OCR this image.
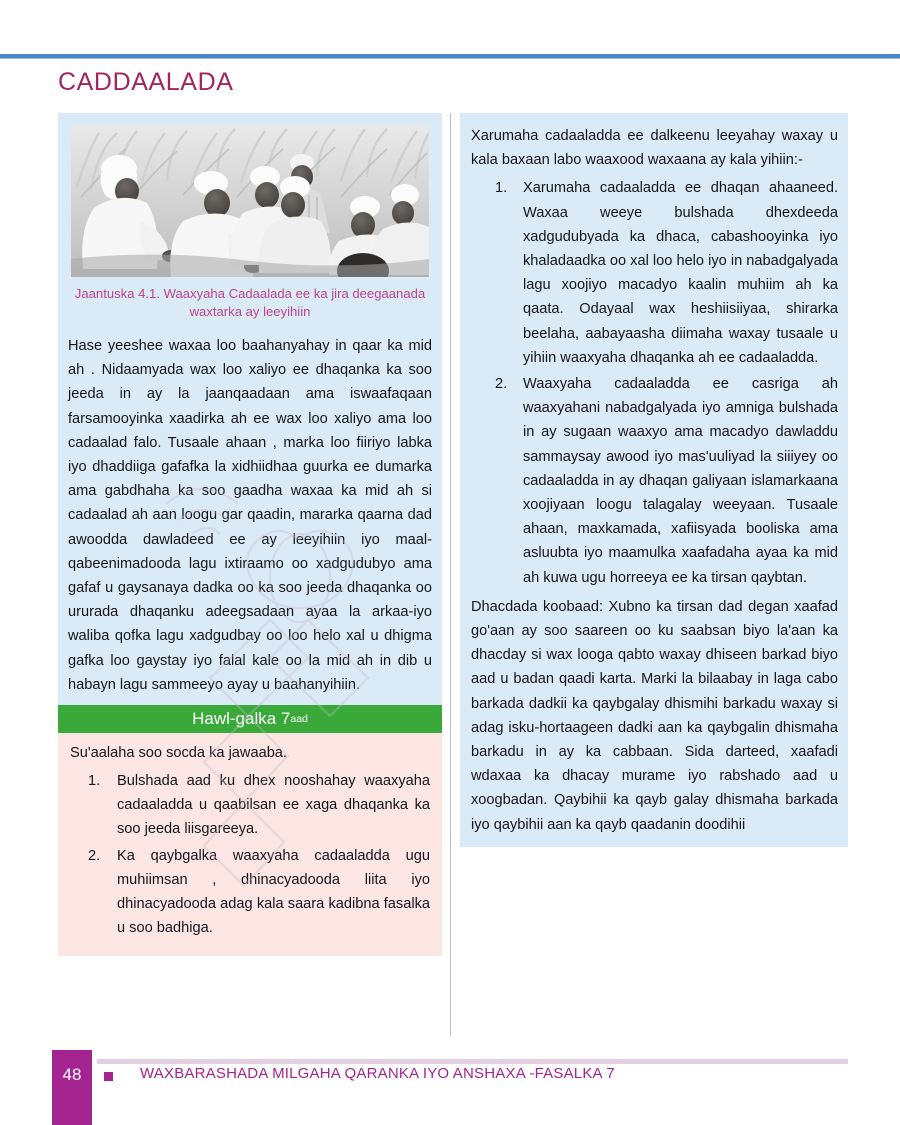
CADDAALADA
Jaantuska 4.1. Waaxyaha Cadaalada ee ka jira deegaanada waxtarka ay leeyihiin

Hase yeeshee waxaa loo baahanyahay in qaar ka mid ah . Nidaamyada wax loo xaliyo ee dhaqanka ka soo jeeda in ay la jaanqaadaan ama iswaafaqaan farsamooyinka xaadirka ah ee wax loo xaliyo ama loo cadaalad falo. Tusaale ahaan , marka loo fiiriyo labka iyo dhaddiiga gafafka la xidhiidhaa guurka ee dumarka ama gabdhaha ka soo gaadha waxaa ka mid ah si cadaalad ah aan loogu gar qaadin, mararka qaarna dad awoodda dawladeed ee ay leeyihiin iyo maal-qabeenimadooda lagu ixtiraamo oo xadgudubyo ama gafaf u gaysanaya dadka oo ka soo jeeda dhaqanka oo ururada dhaqanku adeegsadaan ayaa la arkaa-iyo waliba qofka lagu xadgudbay oo loo helo xal u dhigma gafka loo gaystay iyo falal kale oo la mid ah in dib u habayn lagu sammeeyo ayay u baahanyihiin.

Hawl-galka 7 aad

Su'aalaha soo socda ka jawaaba.

1.	Bulshada aad ku dhex nooshahay waaxyaha cadaaladda u qaabilsan ee xaga dhaqanka ka soo jeeda liisgareeya.
2.	Ka qaybgalka waaxyaha cadaaladda ugu muhiimsan , dhinacyadooda liita iyo dhinacyadooda adag kala saara kadibna fasalka u soo badhiga.

Xarumaha cadaaladda ee dalkeenu leeyahay waxay u kala baxaan labo waaxood waxaana ay kala yihiin:-

1.	Xarumaha cadaaladda ee dhaqan ahaaneed. Waxaa weeye bulshada dhexdeeda xadgudubyada ka dhaca, cabashooyinka iyo khaladaadka oo xal loo helo iyo in nabadgalyada lagu xoojiyo macadyo kaalin muhiim ah ka qaata. Odayaal wax heshiisiiyaa, shirarka beelaha, aabayaasha diimaha waxay tusaale u yihiin waaxyaha dhaqanka ah ee cadaaladda.
2.	Waaxyaha cadaaladda ee casriga ah waaxyahani nabadgalyada iyo amniga bulshada in ay sugaan waaxyo ama macadyo dawladdu sammaysay awood iyo mas'uuliyad la siiiyey oo cadaaladda in ay dhaqan galiyaan islamarkaana xoojiyaan loogu talagalay weeyaan. Tusaale ahaan, maxkamada, xafiisyada booliska ama asluubta iyo maamulka xaafadaha ayaa ka mid ah kuwa ugu horreeya ee ka tirsan qaybtan.

Dhacdada koobaad: Xubno ka tirsan dad degan xaafad go'aan ay soo saareen oo ku saabsan biyo la'aan ka dhacday si wax looga qabto waxay dhiseen barkad biyo aad u badan qaadi karta. Marki la bilaabay in laga cabo barkada dadkii ka qaybgalay dhismihi barkadu waxay si adag isku-hortaageen dadki aan ka qaybgalin dhismaha barkadu in ay ka cabbaan. Sida darteed, xaafadi wdaxaa ka dhacay murame iyo rabshado aad u xoogbadan. Qaybihii ka qayb galay dhismaha barkada iyo qaybihii aan ka qayb qaadanin doodihii

48	WAXBARASHADA MILGAHA QARANKA IYO ANSHAXA -FASALKA 7
